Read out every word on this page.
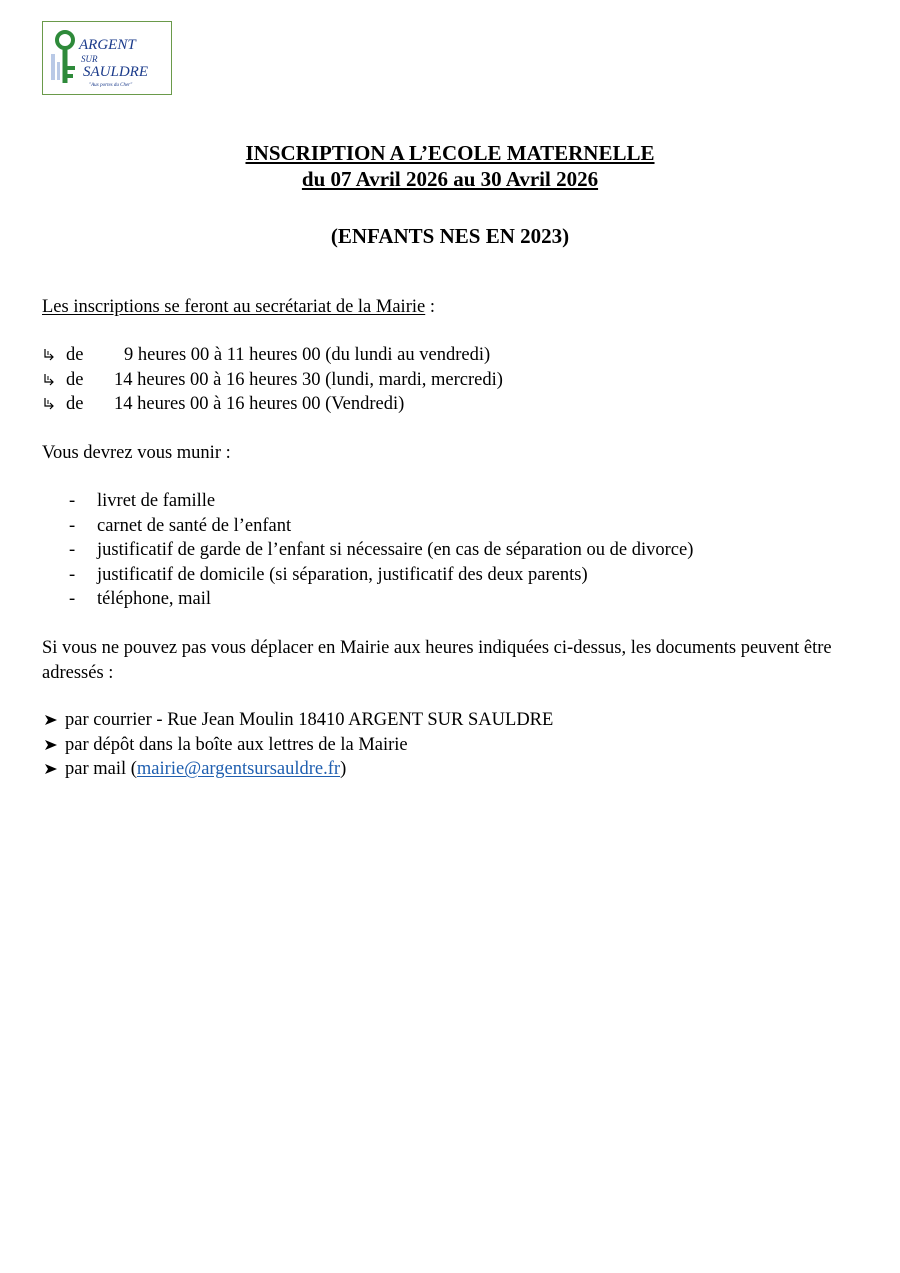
ARGENT
SUR
SAULDRE
"Aux portes du Cher"
INSCRIPTION A L’ECOLE MATERNELLE
du 07 Avril 2026 au 30 Avril 2026
(ENFANTS NES EN 2023)
Les inscriptions se feront au secrétariat de la Mairie :
de 9 heures 00 à 11 heures 00 (du lundi au vendredi)
de 14 heures 00 à 16 heures 30 (lundi, mardi, mercredi)
de 14 heures 00 à 16 heures 00 (Vendredi)
Vous devrez vous munir :
- livret de famille
- carnet de santé de l’enfant
- justificatif de garde de l’enfant si nécessaire (en cas de séparation ou de divorce)
- justificatif de domicile (si séparation, justificatif des deux parents)
- téléphone, mail
Si vous ne pouvez pas vous déplacer en Mairie aux heures indiquées ci-dessus, les documents peuvent être adressés :
par courrier - Rue Jean Moulin 18410 ARGENT SUR SAULDRE
par dépôt dans la boîte aux lettres de la Mairie
par mail (mairie@argentsursauldre.fr)
